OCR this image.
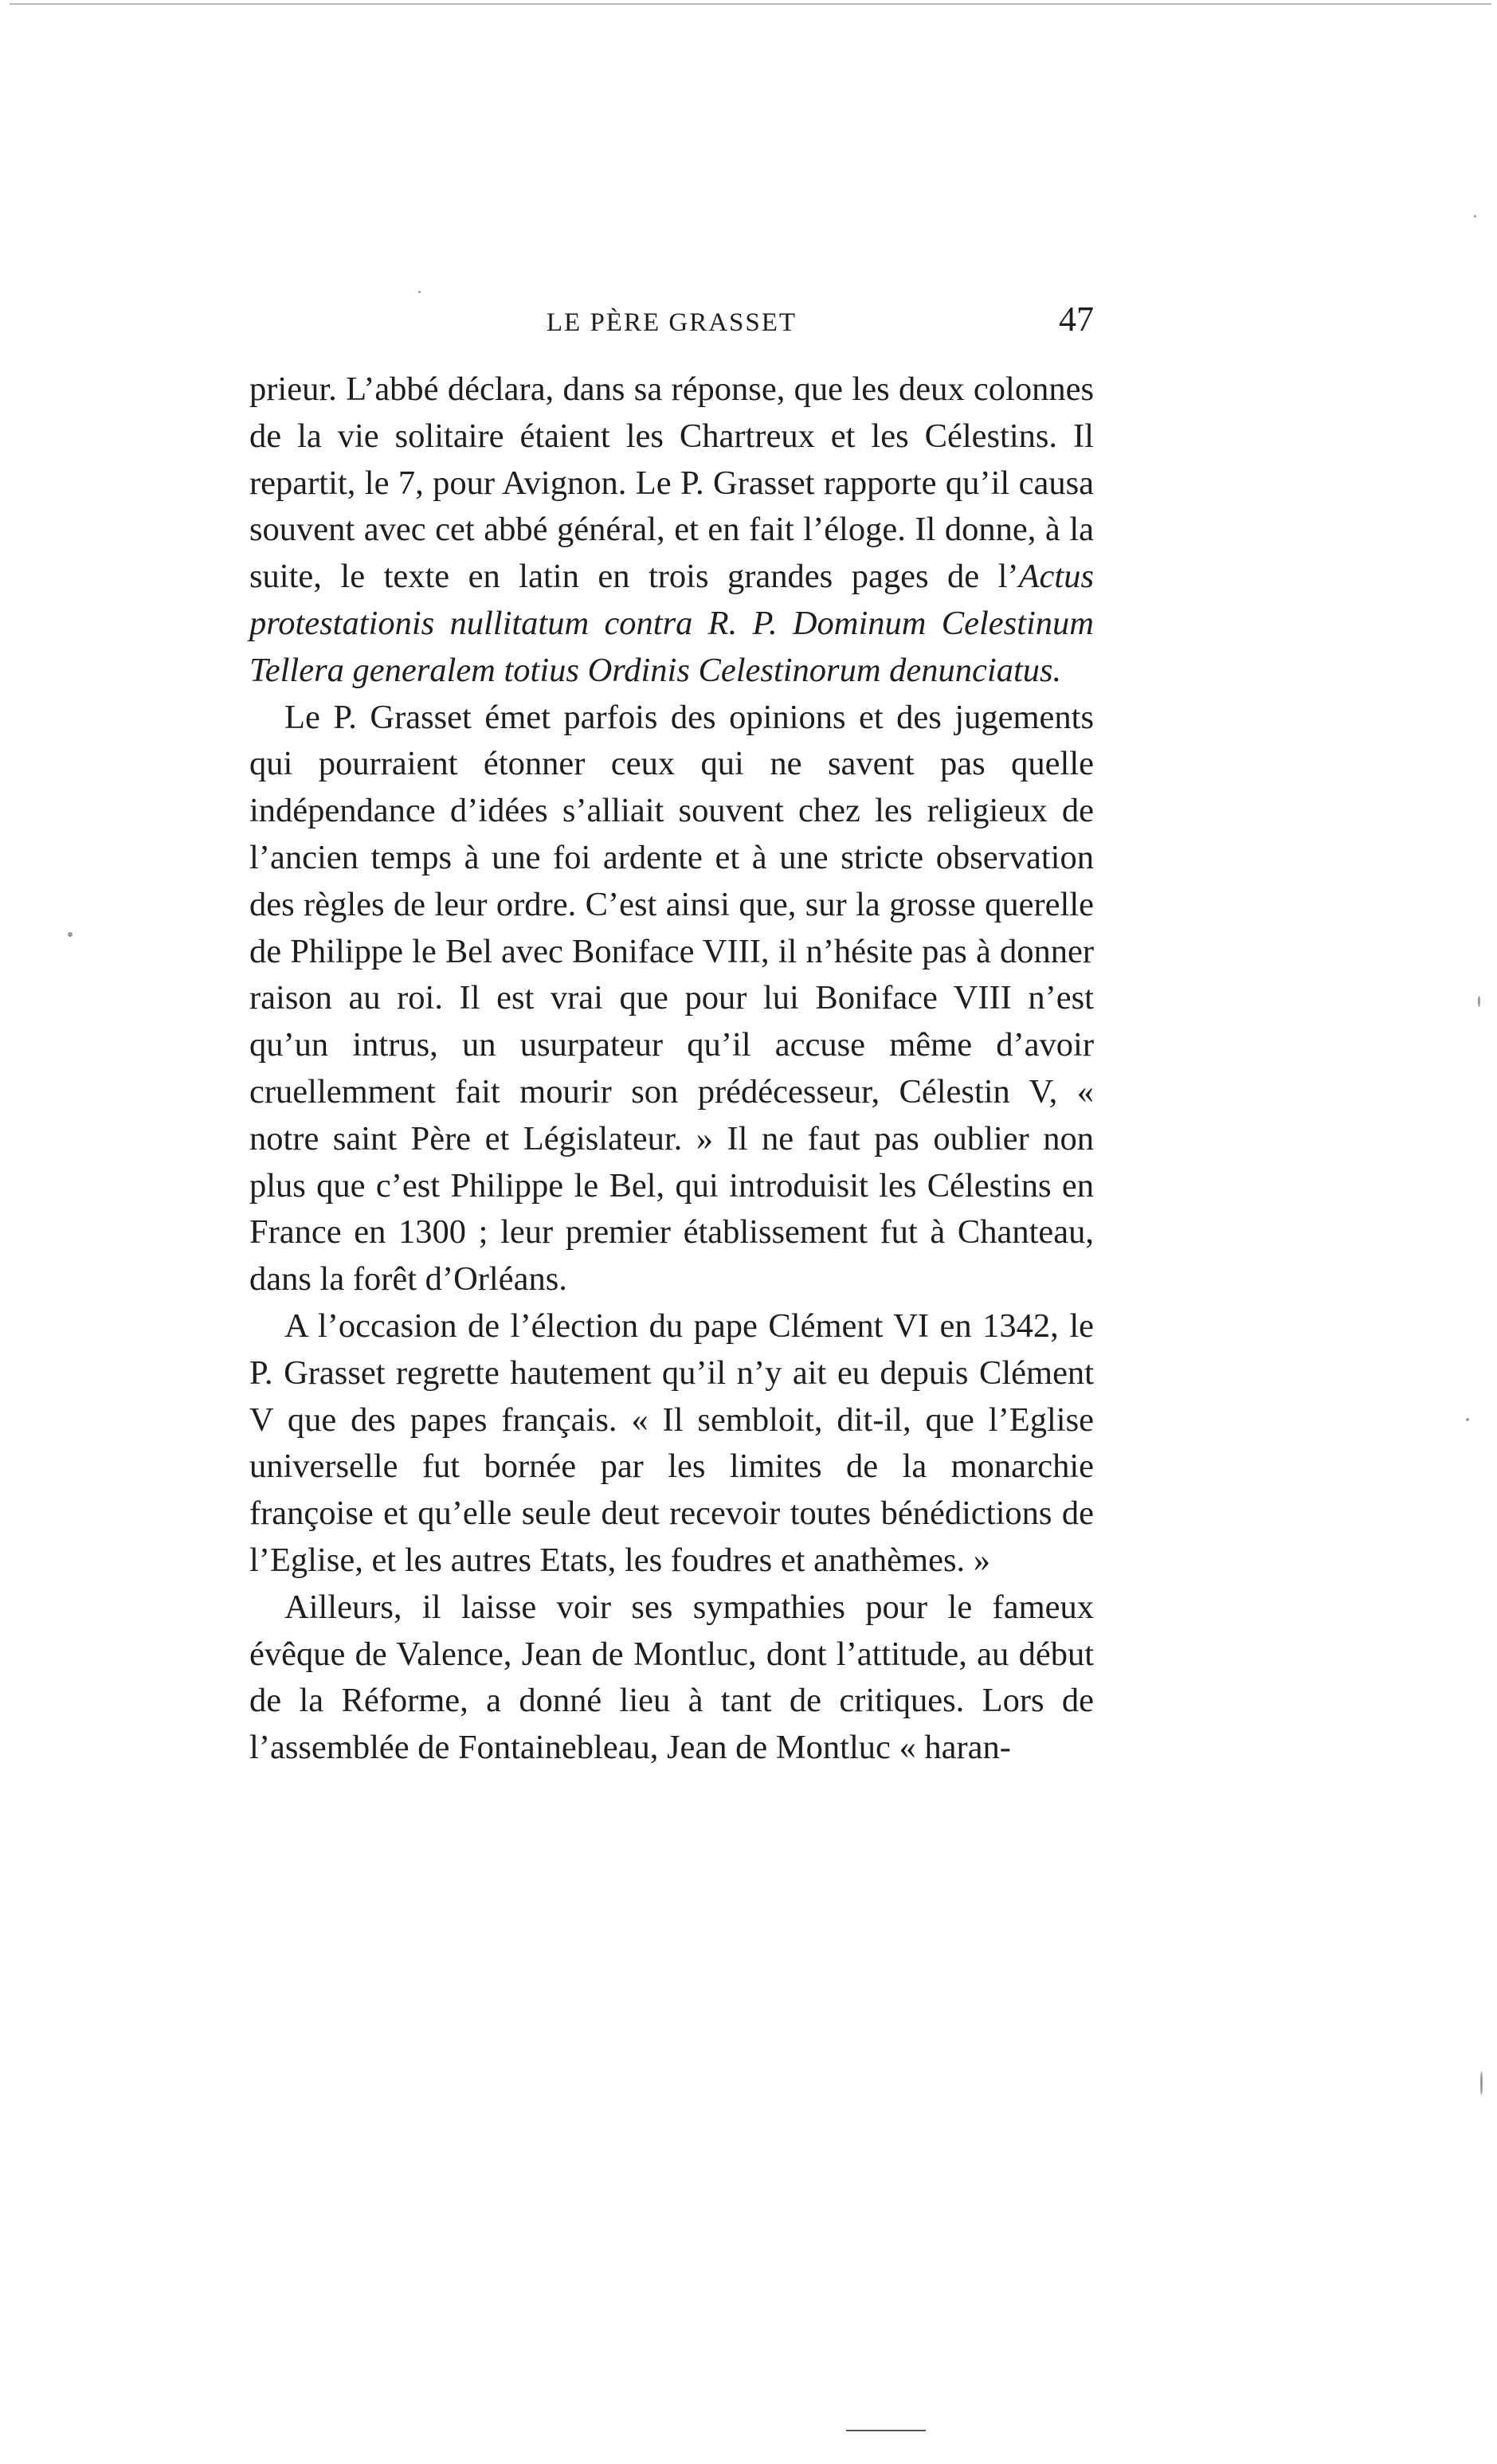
LE PÈRE GRASSET	47

prieur. L’abbé déclara, dans sa réponse, que les deux colonnes de la vie solitaire étaient les Chartreux et les Célestins. Il repartit, le 7, pour Avignon. Le P. Grasset rapporte qu’il causa souvent avec cet abbé général, et en fait l’éloge. Il donne, à la suite, le texte en latin en trois grandes pages de l’Actus protestationis nullitatum contra R. P. Dominum Celestinum Tellera generalem totius Ordinis Celestinorum denunciatus.

Le P. Grasset émet parfois des opinions et des jugements qui pourraient étonner ceux qui ne savent pas quelle indépendance d’idées s’alliait souvent chez les religieux de l’ancien temps à une foi ardente et à une stricte observation des règles de leur ordre. C’est ainsi que, sur la grosse querelle de Philippe le Bel avec Boniface VIII, il n’hésite pas à donner raison au roi. Il est vrai que pour lui Boniface VIII n’est qu’un intrus, un usurpateur qu’il accuse même d’avoir cruellemment fait mourir son prédécesseur, Célestin V, « notre saint Père et Législateur. » Il ne faut pas oublier non plus que c’est Philippe le Bel, qui introduisit les Célestins en France en 1300 ; leur premier établissement fut à Chanteau, dans la forêt d’Orléans.

A l’occasion de l’élection du pape Clément VI en 1342, le P. Grasset regrette hautement qu’il n’y ait eu depuis Clément V que des papes français. « Il sembloit, dit-il, que l’Eglise universelle fut bornée par les limites de la monarchie françoise et qu’elle seule deut recevoir toutes bénédictions de l’Eglise, et les autres Etats, les foudres et anathèmes. »

Ailleurs, il laisse voir ses sympathies pour le fameux évêque de Valence, Jean de Montluc, dont l’attitude, au début de la Réforme, a donné lieu à tant de critiques. Lors de l’assemblée de Fontainebleau, Jean de Montluc « haran-
